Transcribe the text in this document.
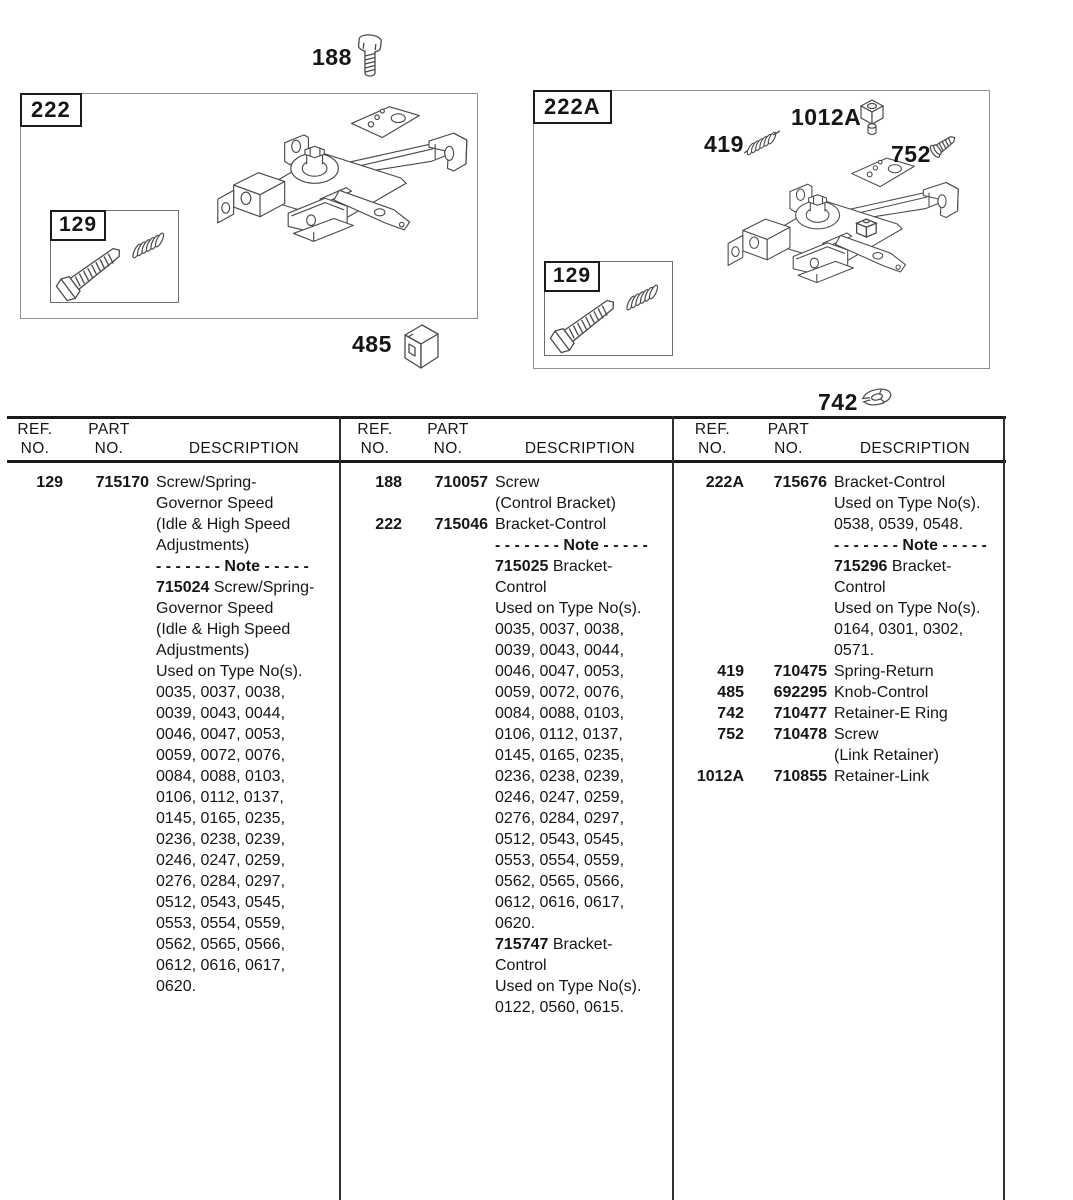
188
222
129
485
222A	1012A
419	752
742
129
REF.
NO.
PART
NO.	DESCRIPTION
REF.
NO.
PART
NO.	DESCRIPTION
REF.
NO.
PART
NO.	DESCRIPTION
129	715170 Screw/Spring-
Governor Speed
(Idle & High Speed
Adjustments)
- - - - - - - Note - - - - -
715024 Screw/Spring-
Governor Speed
(Idle & High Speed
Adjustments)
Used on Type No(s).
0035, 0037, 0038,
0039, 0043, 0044,
0046, 0047, 0053,
0059, 0072, 0076,
0084, 0088, 0103,
0106, 0112, 0137,
0145, 0165, 0235,
0236, 0238, 0239,
0246, 0247, 0259,
0276, 0284, 0297,
0512, 0543, 0545,
0553, 0554, 0559,
0562, 0565, 0566,
0612, 0616, 0617,
0620.
188	710057 Screw
(Control Bracket)
222	715046 Bracket-Control
- - - - - - - Note - - - - -
715025 Bracket-
Control
Used on Type No(s).
0035, 0037, 0038,
0039, 0043, 0044,
0046, 0047, 0053,
0059, 0072, 0076,
0084, 0088, 0103,
0106, 0112, 0137,
0145, 0165, 0235,
0236, 0238, 0239,
0246, 0247, 0259,
0276, 0284, 0297,
0512, 0543, 0545,
0553, 0554, 0559,
0562, 0565, 0566,
0612, 0616, 0617,
0620.
715747 Bracket-
Control
Used on Type No(s).
0122, 0560, 0615.
222A	715676 Bracket-Control
Used on Type No(s).
0538, 0539, 0548.
- - - - - - - Note - - - - -
715296 Bracket-
Control
Used on Type No(s).
0164, 0301, 0302,
0571.
419	710475 Spring-Return
485	692295 Knob-Control
742	710477 Retainer-E Ring
752	710478 Screw
(Link Retainer)
1012A	710855 Retainer-Link
